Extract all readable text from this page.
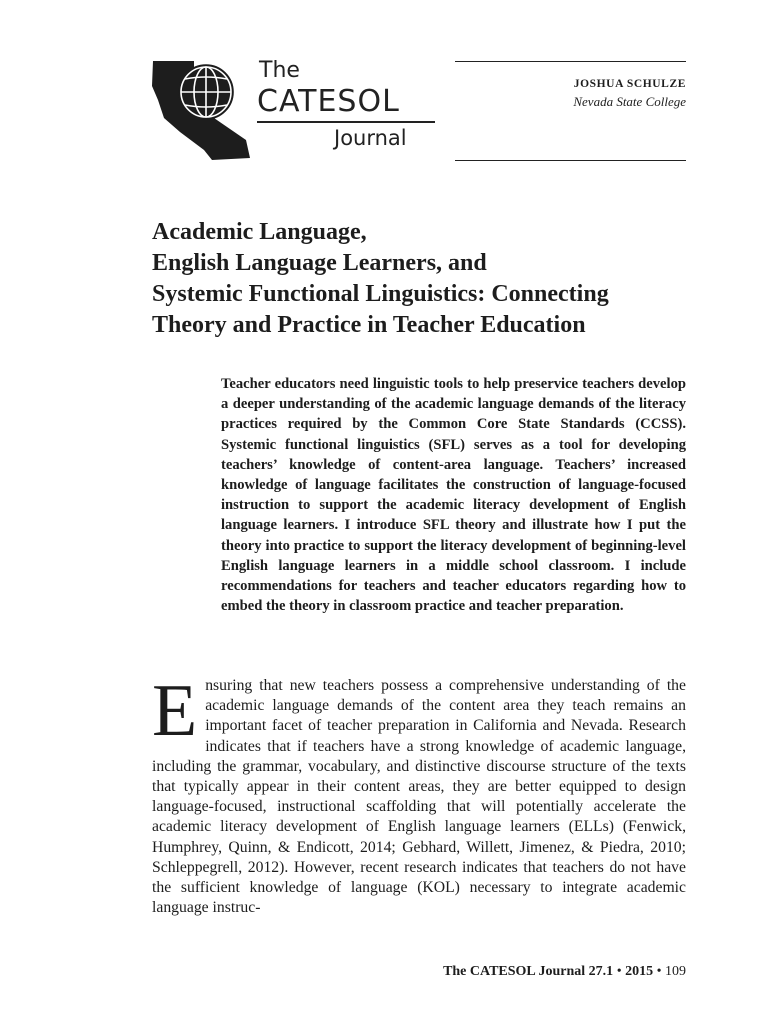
The
CATESOL
Journal
JOSHUA SCHULZE
Nevada State College
Academic Language,
English Language Learners, and
Systemic Functional Linguistics: Connecting
Theory and Practice in Teacher Education

Teacher educators need linguistic tools to help preservice teachers develop a deeper understanding of the academic language demands of the literacy practices required by the Common Core State Standards (CCSS). Systemic functional linguistics (SFL) serves as a tool for developing teachers’ knowledge of content-area language. Teachers’ increased knowledge of language facilitates the construction of language-focused instruction to support the academic literacy development of English language learners. I introduce SFL theory and illustrate how I put the theory into practice to support the literacy development of beginning-level English language learners in a middle school classroom. I include recommendations for teachers and teacher educators regarding how to embed the theory in classroom practice and teacher preparation.

Ensuring that new teachers possess a comprehensive understanding of the academic language demands of the content area they teach remains an important facet of teacher preparation in California and Nevada. Research indicates that if teachers have a strong knowledge of academic language, including the grammar, vocabulary, and distinctive discourse structure of the texts that typically appear in their content areas, they are better equipped to design language-focused, instructional scaffolding that will potentially accelerate the academic literacy development of English language learners (ELLs) (Fenwick, Humphrey, Quinn, & Endicott, 2014; Gebhard, Willett, Jimenez, & Piedra, 2010; Schleppegrell, 2012). However, recent research indicates that teachers do not have the sufficient knowledge of language (KOL) necessary to integrate academic language instruc-

The CATESOL Journal 27.1 • 2015 • 109
